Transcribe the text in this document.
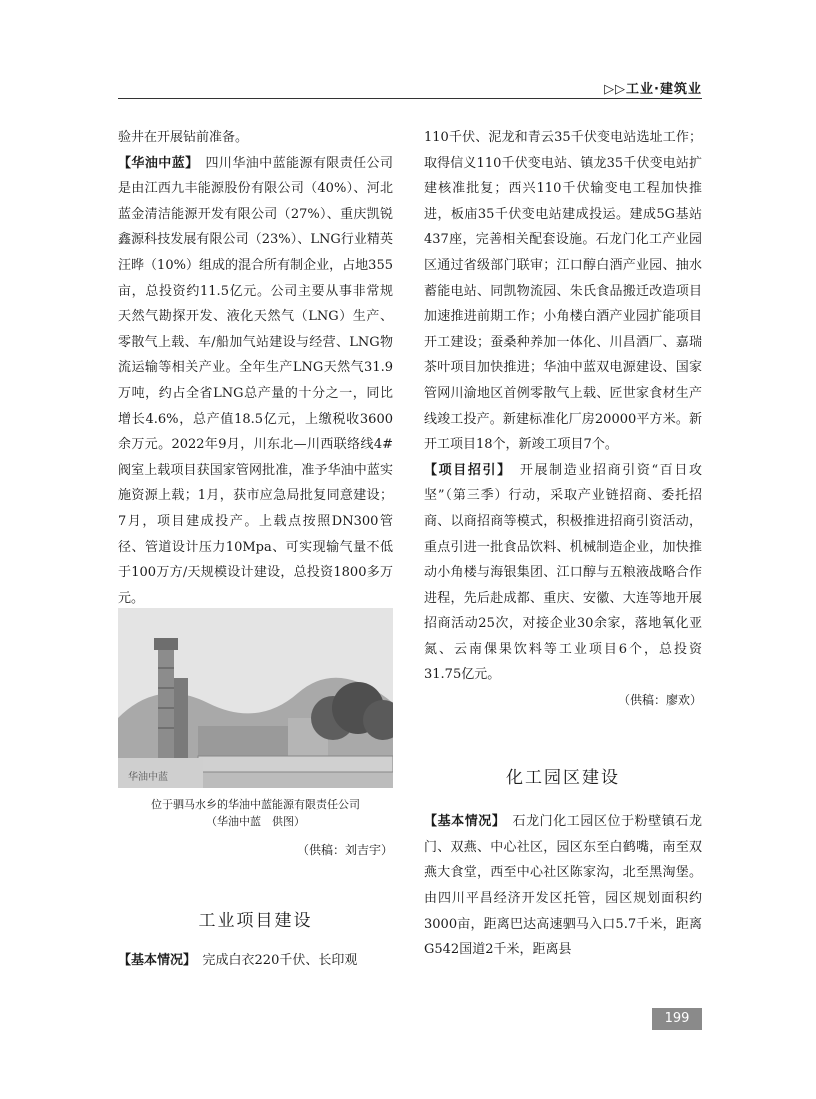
▷▷工业·建筑业

验井在开展钻前准备。

【华油中蓝】　 四川华油中蓝能源有限责任公司是由江西九丰能源股份有限公司（40%）、河北蓝金清洁能源开发有限公司（27%）、重庆凯锐鑫源科技发展有限公司（23%）、LNG行业精英汪晔（10%）组成的混合所有制企业，占地355亩，总投资约11.5亿元。公司主要从事非常规天然气勘探开发、液化天然气（LNG）生产、零散气上载、车/船加气站建设与经营、LNG物流运输等相关产业。全年生产LNG天然气31.9万吨，约占全省LNG总产量的十分之一，同比增长4.6%，总产值18.5亿元，上缴税收3600余万元。2022年9月，川东北—川西联络线4#阀室上载项目获国家管网批准，准予华油中蓝实施资源上载；1月，获市应急局批复同意建设；7月，项目建成投产。上载点按照DN300管径、管道设计压力10Mpa、可实现输气量不低于100万方/天规模设计建设，总投资1800多万元。

华油中蓝
位于驷马水乡的华油中蓝能源有限责任公司
（华油中蓝　供图）

（供稿：刘吉宇）

工业项目建设

【基本情况】　 完成白衣220千伏、长印观

110千伏、泥龙和青云35千伏变电站选址工作；取得信义110千伏变电站、镇龙35千伏变电站扩建核准批复；西兴110千伏输变电工程加快推进，板庙35千伏变电站建成投运。建成5G基站437座，完善相关配套设施。石龙门化工产业园区通过省级部门联审；江口醇白酒产业园、抽水蓄能电站、同凯物流园、朱氏食品搬迁改造项目加速推进前期工作；小角楼白酒产业园扩能项目开工建设；蚕桑种养加一体化、川昌酒厂、嘉瑞茶叶项目加快推进；华油中蓝双电源建设、国家管网川渝地区首例零散气上载、匠世家食材生产线竣工投产。新建标准化厂房20000平方米。新开工项目18个，新竣工项目7个。

【项目招引】　 开展制造业招商引资“百日攻坚”（第三季）行动，采取产业链招商、委托招商、以商招商等模式，积极推进招商引资活动，重点引进一批食品饮料、机械制造企业，加快推动小角楼与海银集团、江口醇与五粮液战略合作进程，先后赴成都、重庆、安徽、大连等地开展招商活动25次，对接企业30余家，落地氧化亚氮、云南倮果饮料等工业项目6个，总投资31.75亿元。

（供稿：廖欢）

化工园区建设

【基本情况】　 石龙门化工园区位于粉壁镇石龙门、双燕、中心社区，园区东至白鹤嘴，南至双燕大食堂，西至中心社区陈家沟，北至黑淘堡。由四川平昌经济开发区托管，园区规划面积约3000亩，距离巴达高速驷马入口5.7千米，距离G542国道2千米，距离县

199
